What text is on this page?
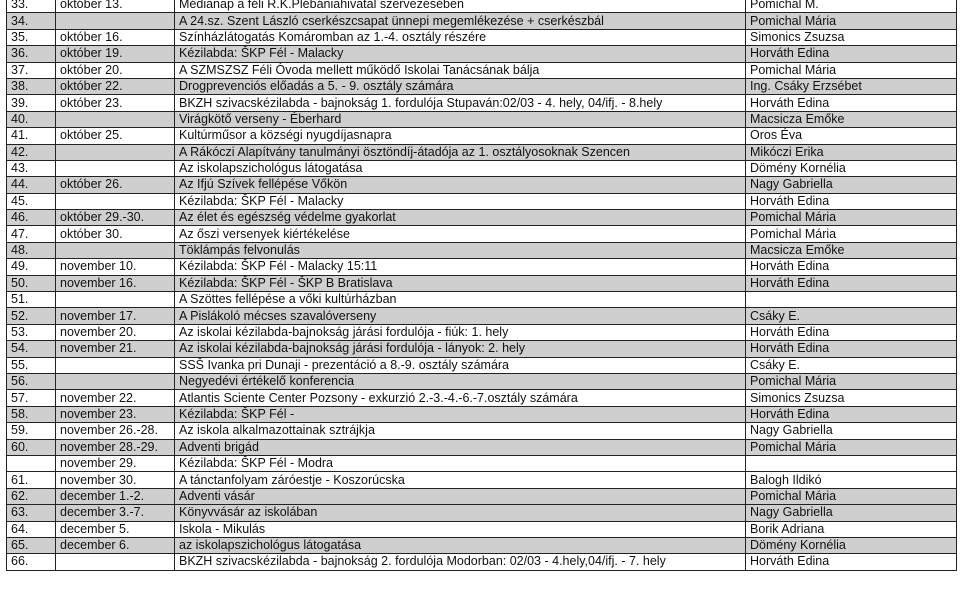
33.	október 13.	Médianap a féli R.K.Plébániahivatal szervezésében	Pomichal M.
34.		A 24.sz. Szent László cserkészcsapat ünnepi megemlékezése + cserkészbál	Pomichal Mária
35.	október 16.	Színházlátogatás Komáromban az 1.-4. osztály részére	Simonics Zsuzsa
36.	október 19.	Kézilabda: ŠKP Fél - Malacky	Horváth Edina
37.	október 20.	A SZMSZSZ Féli Óvoda mellett működő Iskolai Tanácsának bálja	Pomichal Mária
38.	október 22.	Drogprevenciós előadás a 5. - 9. osztály számára	Ing. Csáky Erzsébet
39.	október 23.	BKZH szivacskézilabda - bajnokság 1. fordulója Stupaván:02/03 - 4. hely, 04/ifj. - 8.hely	Horváth Edina
40.		Virágkötő verseny - Éberhard	Macsicza Emőke
41.	október 25.	Kultúrműsor a községi nyugdíjasnapra	Oros Éva
42.		A Rákóczi Alapítvány tanulmányi ösztöndíj-átadója az 1. osztályosoknak Szencen	Mikóczi Erika
43.		Az iskolapszichológus látogatása	Dömény Kornélia
44.	október 26.	Az Ifjú Szívek fellépése Vőkön	Nagy Gabriella
45.		Kézilabda: ŠKP Fél - Malacky	Horváth Edina
46.	október 29.-30.	Az élet és egészség védelme gyakorlat	Pomichal Mária
47.	október 30.	Az őszi versenyek kiértékelése	Pomichal Mária
48.		Töklámpás felvonulás	Macsicza Emőke
49.	november 10.	Kézilabda: ŠKP Fél - Malacky 15:11	Horváth Edina
50.	november 16.	Kézilabda: ŠKP Fél - ŠKP B Bratislava	Horváth Edina
51.		A Szöttes fellépése a vőki kultúrházban	
52.	november 17.	A Pislákoló mécses szavalóverseny	Csáky E.
53.	november 20.	Az iskolai kézilabda-bajnokság járási fordulója - fiúk: 1. hely	Horváth Edina
54.	november 21.	Az iskolai kézilabda-bajnokság járási fordulója - lányok: 2. hely	Horváth Edina
55.		SSŠ Ivanka pri Dunaji - prezentáció a 8.-9. osztály számára	Csáky E.
56.		Negyedévi értékelő konferencia	Pomichal Mária
57.	november 22.	Atlantis Sciente Center Pozsony - exkurzió 2.-3.-4.-6.-7.osztály számára	Simonics Zsuzsa
58.	november 23.	Kézilabda: ŠKP Fél -	Horváth Edina
59.	november 26.-28.	Az iskola alkalmazottainak sztrájkja	Nagy Gabriella
60.	november 28.-29.	Adventi brigád	Pomichal Mária
	november 29.	Kézilabda: ŠKP Fél - Modra	
61.	november 30.	A tánctanfolyam záróestje - Koszorúcska	Balogh Ildikó
62.	december 1.-2.	Adventi vásár	Pomichal Mária
63.	december 3.-7.	Könyvvásár az iskolában	Nagy Gabriella
64.	december 5.	Iskola - Mikulás	Borik Adriana
65.	december 6.	az iskolapszichológus látogatása	Dömény Kornélia
66.		BKZH szivacskézilabda - bajnokság 2. fordulója Modorban: 02/03 - 4.hely,04/ifj. - 7. hely	Horváth Edina
